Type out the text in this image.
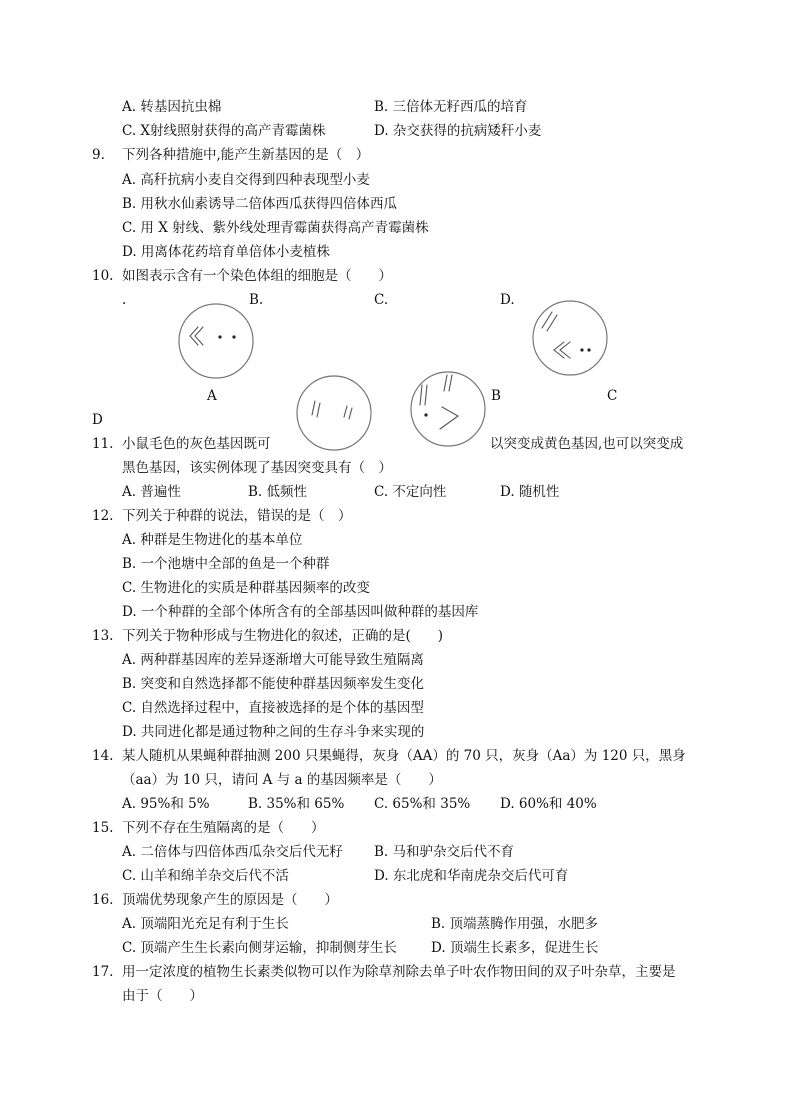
A. 转基因抗虫棉	B. 三倍体无籽西瓜的培育
C. X射线照射获得的高产青霉菌株	D. 杂交获得的抗病矮秆小麦
9. 下列各种措施中,能产生新基因的是（　）
A. 高秆抗病小麦自交得到四种表现型小麦
B. 用秋水仙素诱导二倍体西瓜获得四倍体西瓜
C. 用 X 射线、紫外线处理青霉菌获得高产青霉菌株
D. 用离体花药培育单倍体小麦植株
10. 如图表示含有一个染色体组的细胞是（　　）
.	B.	C.	D.
A	B	C
D
11. 小鼠毛色的灰色基因既可	以突变成黄色基因,也可以突变成
黑色基因，该实例体现了基因突变具有（　）
A. 普遍性	B. 低频性	C. 不定向性	D. 随机性
12. 下列关于种群的说法，错误的是（　）
A. 种群是生物进化的基本单位
B. 一个池塘中全部的鱼是一个种群
C. 生物进化的实质是种群基因频率的改变
D. 一个种群的全部个体所含有的全部基因叫做种群的基因库
13. 下列关于物种形成与生物进化的叙述，正确的是(　　)
A. 两种群基因库的差异逐渐增大可能导致生殖隔离
B. 突变和自然选择都不能使种群基因频率发生变化
C. 自然选择过程中，直接被选择的是个体的基因型
D. 共同进化都是通过物种之间的生存斗争来实现的
14. 某人随机从果蝇种群抽测 200 只果蝇得，灰身（AA）的 70 只，灰身（Aa）为 120 只，黑身
（aa）为 10 只，请问 A 与 a 的基因频率是（　　）
A. 95%和 5%	B. 35%和 65% C. 65%和 35% D. 60%和 40%
15. 下列不存在生殖隔离的是（　　）
A. 二倍体与四倍体西瓜杂交后代无籽 B. 马和驴杂交后代不育
C. 山羊和绵羊杂交后代不活	D. 东北虎和华南虎杂交后代可育
16. 顶端优势现象产生的原因是（　　）
A. 顶端阳光充足有利于生长	B. 顶端蒸腾作用强，水肥多
C. 顶端产生生长素向侧芽运输，抑制侧芽生长	D. 顶端生长素多，促进生长
17. 用一定浓度的植物生长素类似物可以作为除草剂除去单子叶农作物田间的双子叶杂草，主要是
由于（　　）
